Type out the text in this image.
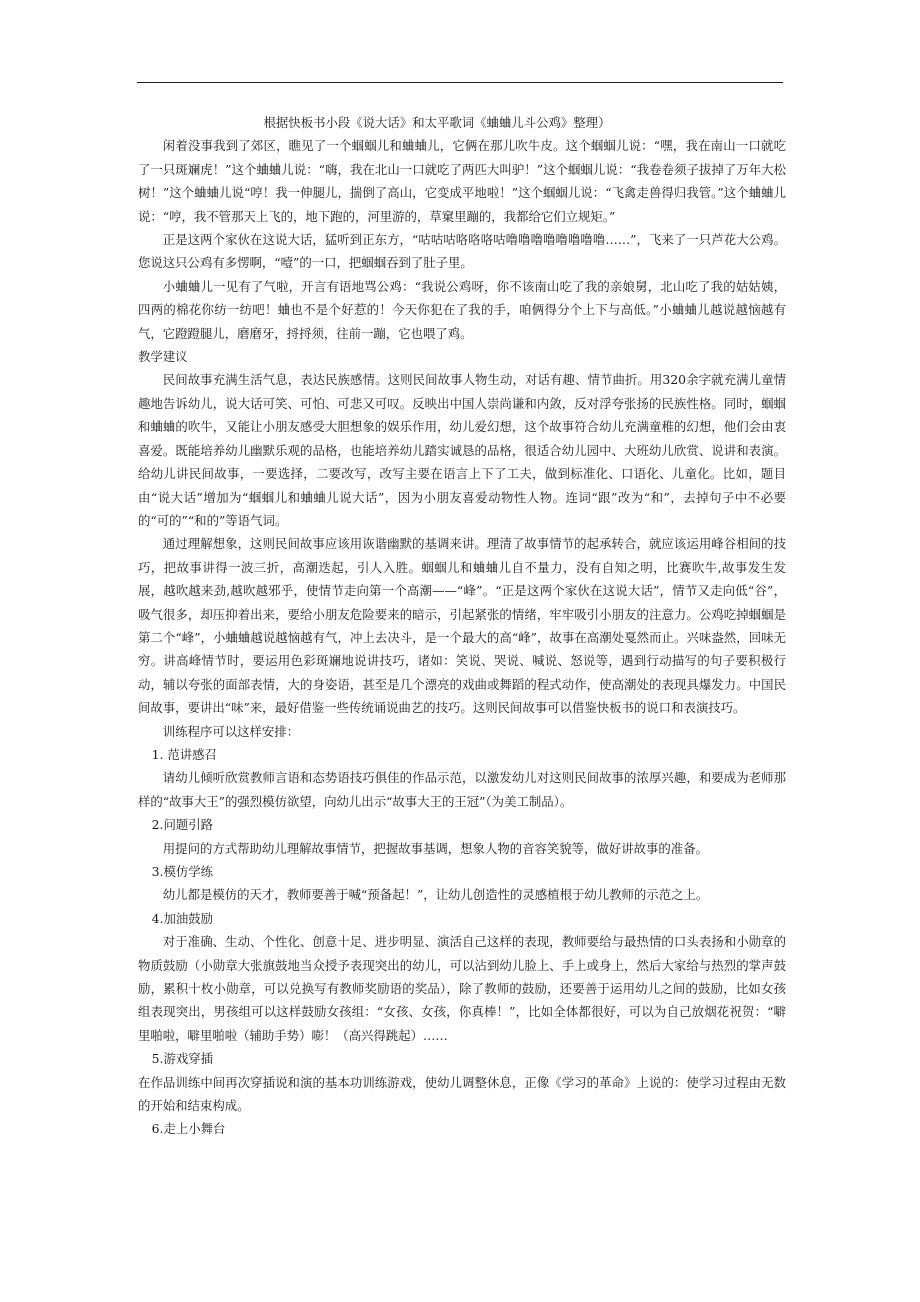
根据快板书小段《说大话》和太平歌词《蛐蛐儿斗公鸡》整理）

闲着没事我到了郊区，瞧见了一个蝈蝈儿和蛐蛐儿，它俩在那儿吹牛皮。这个蝈蝈儿说：“嘿，我在南山一口就吃了一只斑斓虎！”这个蛐蛐儿说：“嗨，我在北山一口就吃了两匹大叫驴！”这个蝈蝈儿说：“我卷卷须子拔掉了万年大松树！”这个蛐蛐儿说“哼！我一伸腿儿，揣倒了高山，它变成平地啦！”这个蝈蝈儿说：“飞禽走兽得归我管。”这个蛐蛐儿说：“哼，我不管那天上飞的，地下跑的，河里游的，草窠里蹦的，我都给它们立规矩。”

正是这两个家伙在这说大话，猛听到正东方，“咕咕咕咯咯咯咕噜噜噜噜噜噜噜噜……”，飞来了一只芦花大公鸡。您说这只公鸡有多愣啊，“噎”的一口，把蝈蝈吞到了肚子里。

小蛐蛐儿一见有了气啦，开言有语地骂公鸡：“我说公鸡呀，你不该南山吃了我的亲娘舅，北山吃了我的姑姑姨，四两的棉花你纺一纺吧！蛐也不是个好惹的！今天你犯在了我的手，咱俩得分个上下与高低。”小蛐蛐儿越说越恼越有气，它蹬蹬腿儿，磨磨牙，捋捋须，往前一蹦，它也喂了鸡。

教学建议

民间故事充满生活气息，表达民族感情。这则民间故事人物生动，对话有趣、情节曲折。用320余字就充满儿童情趣地告诉幼儿，说大话可笑、可怕、可悲又可叹。反映出中国人崇尚谦和内敛，反对浮夸张扬的民族性格。同时，蝈蝈和蛐蛐的吹牛，又能让小朋友感受大胆想象的娱乐作用，幼儿爱幻想，这个故事符合幼儿充满童稚的幻想，他们会由衷喜爱。既能培养幼儿幽默乐观的品格，也能培养幼儿踏实诚恳的品格，很适合幼儿园中、大班幼儿欣赏、说讲和表演。给幼儿讲民间故事，一要选择，二要改写，改写主要在语言上下了工夫，做到标准化、口语化、儿童化。比如，题目由“说大话”增加为“蝈蝈儿和蛐蛐儿说大话”，因为小朋友喜爱动物性人物。连词“跟”改为“和”，去掉句子中不必要的“可的”“和的”等语气词。

通过理解想象，这则民间故事应该用诙谐幽默的基调来讲。理清了故事情节的起承转合，就应该运用峰谷相间的技巧，把故事讲得一波三折，高潮迭起，引人入胜。蝈蝈儿和蛐蛐儿自不量力，没有自知之明，比赛吹牛,故事发生发展，越吹越来劲,越吹越邪乎，使情节走向第一个高潮——“峰”。“正是这两个家伙在这说大话”，情节又走向低“谷”，吸气很多，却压抑着出来，要给小朋友危险要来的暗示，引起紧张的情绪，牢牢吸引小朋友的注意力。公鸡吃掉蝈蝈是第二个“峰”，小蛐蛐越说越恼越有气，冲上去决斗，是一个最大的高“峰”，故事在高潮处戛然而止。兴味盎然，回味无穷。讲高峰情节时，要运用色彩斑斓地说讲技巧，诸如：笑说、哭说、喊说、怒说等，遇到行动描写的句子要积极行动，辅以夸张的面部表情，大的身姿语，甚至是几个漂亮的戏曲或舞蹈的程式动作，使高潮处的表现具爆发力。中国民间故事，要讲出“味”来，最好借鉴一些传统诵说曲艺的技巧。这则民间故事可以借鉴快板书的说口和表演技巧。

训练程序可以这样安排：

1. 范讲感召

请幼儿倾听欣赏教师言语和态势语技巧俱佳的作品示范，以激发幼儿对这则民间故事的浓厚兴趣，和要成为老师那样的“故事大王”的强烈模仿欲望，向幼儿出示“故事大王的王冠”（为美工制品）。

2.问题引路

用提问的方式帮助幼儿理解故事情节，把握故事基调，想象人物的音容笑貌等，做好讲故事的准备。

3.模仿学练

幼儿都是模仿的天才，教师要善于喊“预备起！”，让幼儿创造性的灵感植根于幼儿教师的示范之上。

4.加油鼓励

对于准确、生动、个性化、创意十足、进步明显、演活自己这样的表现，教师要给与最热情的口头表扬和小勋章的物质鼓励（小勋章大张旗鼓地当众授予表现突出的幼儿，可以沾到幼儿脸上、手上或身上，然后大家给与热烈的掌声鼓励，累积十枚小勋章，可以兑换写有教师奖励语的奖品），除了教师的鼓励，还要善于运用幼儿之间的鼓励，比如女孩组表现突出，男孩组可以这样鼓励女孩组：“女孩、女孩，你真棒！”，比如全体都很好，可以为自己放烟花祝贺：“噼里啪啦，噼里啪啦（辅助手势）嘭！（高兴得跳起）……

5.游戏穿插

在作品训练中间再次穿插说和演的基本功训练游戏，使幼儿调整休息，正像《学习的革命》上说的：使学习过程由无数的开始和结束构成。

6.走上小舞台
